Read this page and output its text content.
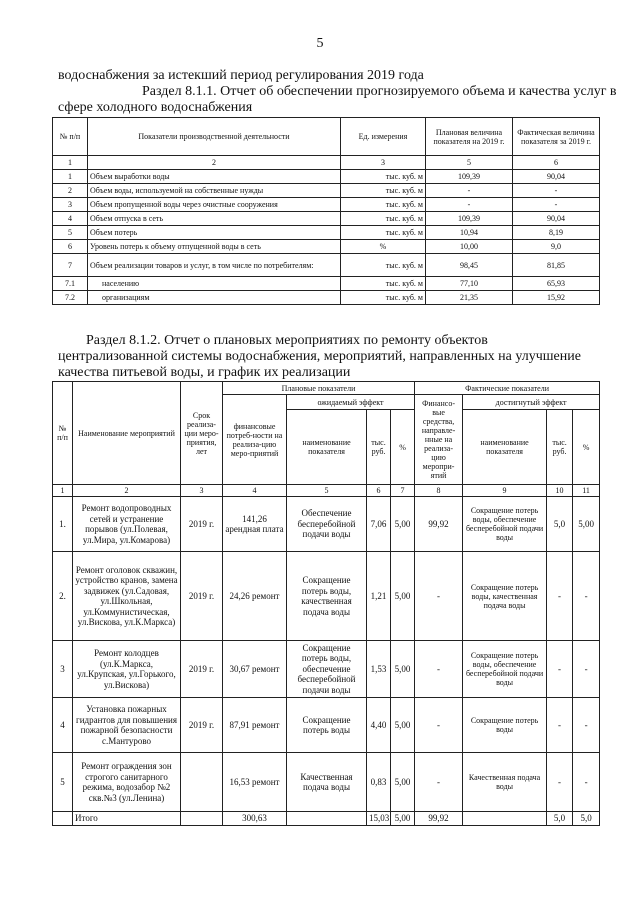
5
водоснабжения за истекший период регулирования 2019 года
Раздел 8.1.1. Отчет об обеспечении прогнозируемого объема и качества услуг в
сфере холодного водоснабжения
№ п/п	Показатели производственной деятельности	Ед. измерения	Плановая величина показателя на 2019 г.	Фактическая величина показателя за 2019 г.
1	2	3	5	6
1	Объем выработки воды	тыс. куб. м	109,39	90,04
2	Объем воды, используемой на собственные нужды	тыс. куб. м	-	-
3	Объем пропущенной воды через очистные сооружения	тыс. куб. м	-	-
4	Объем отпуска в сеть	тыс. куб. м	109,39	90,04
5	Объем потерь	тыс. куб. м	10,94	8,19
6	Уровень потерь к объему отпущенной воды в сеть	%	10,00	9,0
7	Объем реализации товаров и услуг, в том числе по потребителям:	тыс. куб. м	98,45	81,85
7.1	населению	тыс. куб. м	77,10	65,93
7.2	организациям	тыс. куб. м	21,35	15,92
Раздел 8.1.2. Отчет о плановых мероприятиях по ремонту объектов
централизованной системы водоснабжения, мероприятий, направленных на улучшение
качества питьевой воды, и график их реализации
№ п/п	Наименование мероприятий	Срок реализа-ции меро-приятия, лет	Плановые показатели				Фактические показатели			
			финансовые потреб-ности на реализа-цию меро-приятий	ожидаемый эффект			Финансо-вые средства, направле-нные на реализа-цию меропри-ятий	достигнутый эффект		
				наименование показателя	тыс. руб.	%		наименование показателя	тыс. руб.	%
1	2	3	4	5	6	7	8	9	10	11
1.	Ремонт водопроводных сетей и устранение порывов (ул.Полевая, ул.Мира, ул.Комарова)	2019 г.	141,26 арендная плата	Обеспечение бесперебойной подачи воды	7,06	5,00	99,92	Сокращение потерь воды, обеспечение бесперебойной подачи воды	5,0	5,00
2.	Ремонт оголовок скважин, устройство кранов, замена задвижек (ул.Садовая, ул.Школьная, ул.Коммунистическая, ул.Вискова, ул.К.Маркса)	2019 г.	24,26 ремонт	Сокращение потерь воды, качественная подача воды	1,21	5,00	-	Сокращение потерь воды, качественная подача воды	-	-
3	Ремонт колодцев (ул.К.Маркса, ул.Крупская, ул.Горького, ул.Вискова)	2019 г.	30,67 ремонт	Сокращение потерь воды, обеспечение бесперебойной подачи воды	1,53	5,00	-	Сокращение потерь воды, обеспечение бесперебойной подачи воды	-	-
4	Установка пожарных гидрантов для повышения пожарной безопасности с.Мантурово	2019 г.	87,91 ремонт	Сокращение потерь воды	4,40	5,00	-	Сокращение потерь воды	-	-
5	Ремонт ограждения зон строгого санитарного режима, водозабор №2 скв.№3 (ул.Ленина)		16,53 ремонт	Качественная подача воды	0,83	5,00	-	Качественная подача воды	-	-
	Итого		300,63		15,03	5,00	99,92		5,0	5,0
